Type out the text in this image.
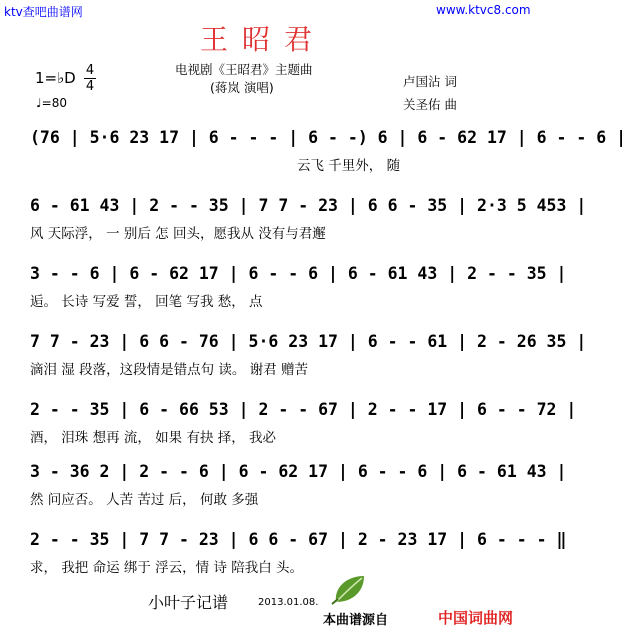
ktv查吧曲谱网	www.ktvc8.com
王昭君
电视剧《王昭君》主题曲
(蒋岚 演唱)
1=♭D 4
4
♩=80
卢国沾 词
关圣佑 曲
(76 | 5·6 23 17 | 6 - - - | 6 - -) 6 | 6 - 62 17 | 6 - - 6 |
云飞 千里外， 随
6 - 61 43 | 2 - - 35 | 7 7 - 23 | 6 6 - 35 | 2·3 5 453 |
风 天际浮， 一 别后 怎 回头，愿我从 没有与君邂
3 - - 6 | 6 - 62 17 | 6 - - 6 | 6 - 61 43 | 2 - - 35 |
逅。 长诗 写爱 誓， 回笔 写我 愁， 点
7 7 - 23 | 6 6 - 76 | 5·6 23 17 | 6 - - 61 | 2 - 26 35 |
滴泪 湿 段落，这段情是错点句 读。 谢君 赠苦
2 - - 35 | 6 - 66 53 | 2 - - 67 | 2 - - 17 | 6 - - 72 |
酒， 泪珠 想再 流， 如果 有抉 择， 我必
3 - 36 2 | 2 - - 6 | 6 - 62 17 | 6 - - 6 | 6 - 61 43 |
然 问应否。 人苦 苦过 后， 何敢 多强
2 - - 35 | 7 7 - 23 | 6 6 - 67 | 2 - 23 17 | 6 - - - ‖
求， 我把 命运 绑于 浮云，情 诗 陪我白 头。
小叶子记谱	2013.01.08.
本曲谱源自	中国词曲网
